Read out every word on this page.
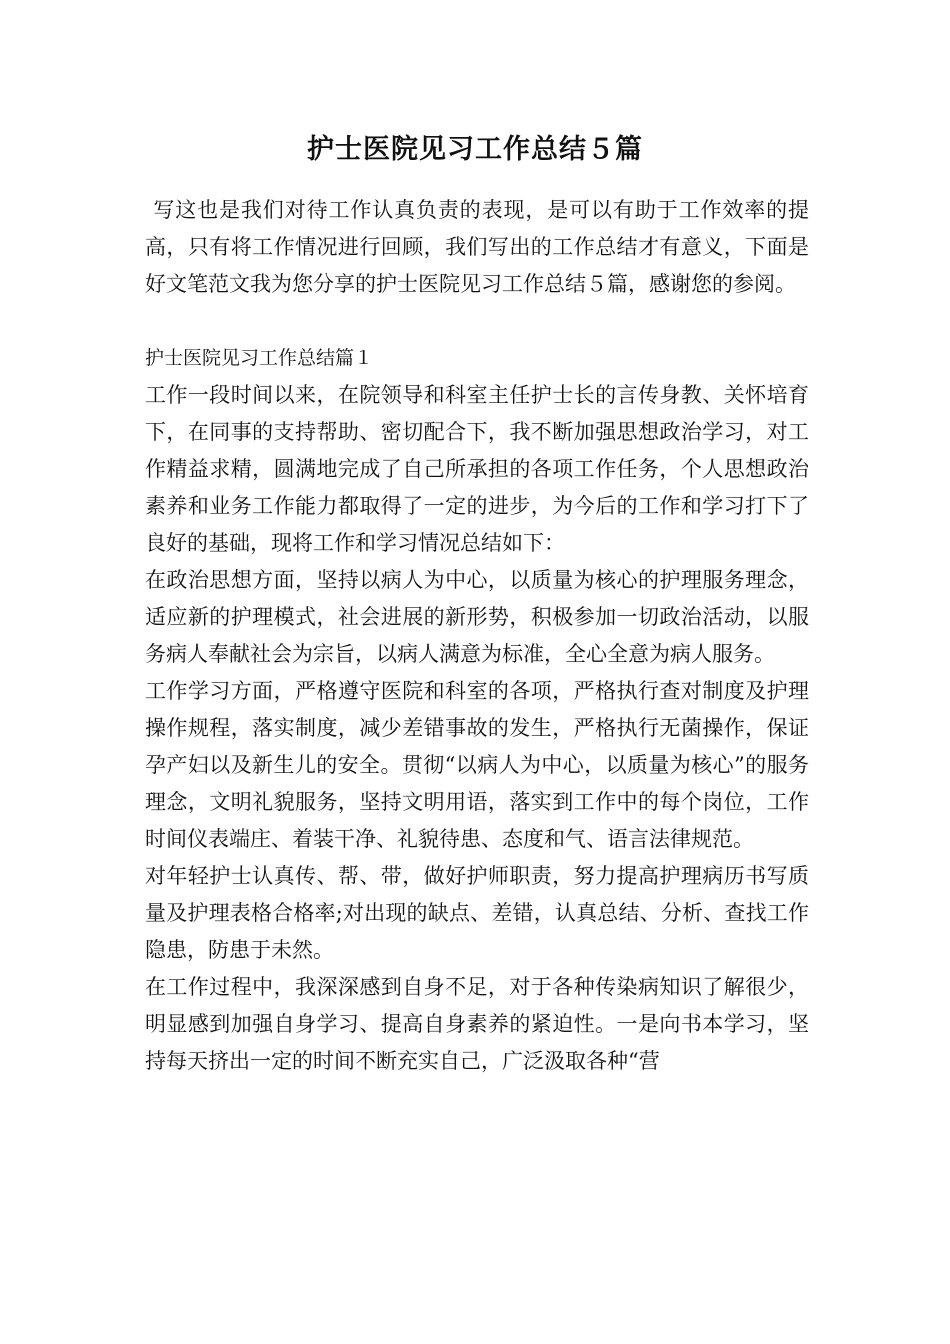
护士医院见习工作总结５篇

写这也是我们对待工作认真负责的表现，是可以有助于工作效率的提高，只有将工作情况进行回顾，我们写出的工作总结才有意义，下面是好文笔范文我为您分享的护士医院见习工作总结５篇，感谢您的参阅。

护士医院见习工作总结篇１

工作一段时间以来，在院领导和科室主任护士长的言传身教、关怀培育下，在同事的支持帮助、密切配合下，我不断加强思想政治学习，对工作精益求精，圆满地完成了自己所承担的各项工作任务，个人思想政治素养和业务工作能力都取得了一定的进步，为今后的工作和学习打下了良好的基础，现将工作和学习情况总结如下：

在政治思想方面，坚持以病人为中心，以质量为核心的护理服务理念，适应新的护理模式，社会进展的新形势，积极参加一切政治活动，以服务病人奉献社会为宗旨，以病人满意为标准，全心全意为病人服务。

工作学习方面，严格遵守医院和科室的各项，严格执行查对制度及护理操作规程，落实制度，减少差错事故的发生，严格执行无菌操作，保证孕产妇以及新生儿的安全。贯彻“以病人为中心，以质量为核心”的服务理念，文明礼貌服务，坚持文明用语，落实到工作中的每个岗位，工作时间仪表端庄、着装干净、礼貌待患、态度和气、语言法律规范。

对年轻护士认真传、帮、带，做好护师职责，努力提高护理病历书写质量及护理表格合格率;对出现的缺点、差错，认真总结、分析、查找工作隐患，防患于未然。

在工作过程中，我深深感到自身不足，对于各种传染病知识了解很少，明显感到加强自身学习、提高自身素养的紧迫性。一是向书本学习，坚持每天挤出一定的时间不断充实自己，广泛汲取各种“营
